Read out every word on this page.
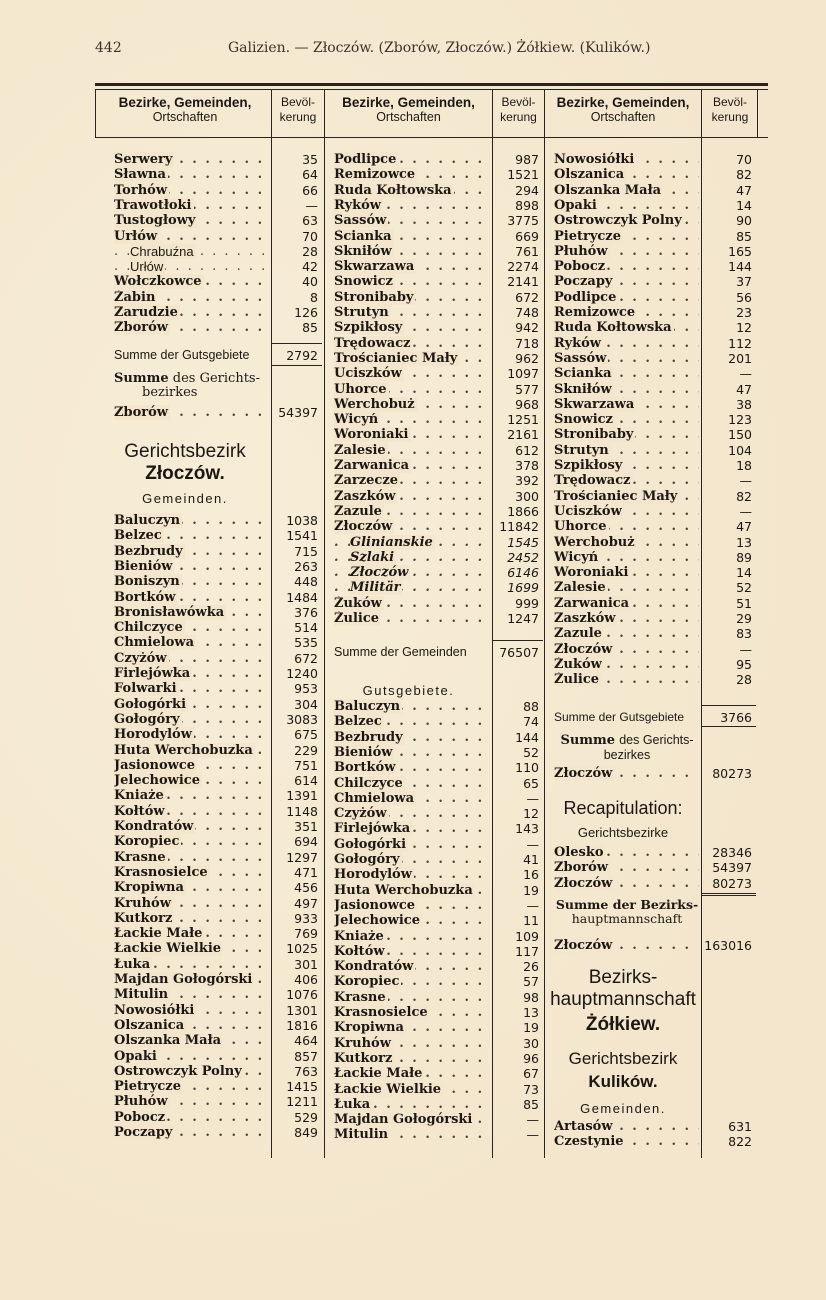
442	Galizien. — Złoczów. (Zborów, Złoczów.) Żółkiew. (Kulików.)
Bezirke, Gemeinden,
Ortschaften
Bevöl-
kerung
Bezirke, Gemeinden,
Ortschaften
Bevöl-
kerung
Bezirke, Gemeinden,
Ortschaften
Bevöl-
kerung
Summe der Gutsgebiete	2792
Summe des Gerichts-
bezirkes
Zborów . . .	54397
Gerichtsbezirk
Złoczów.
Gemeinden.
Summe der Gemeinden	76507
Gutsgebiete.
Summe der Gutsgebiete	3766
Summe des Gerichts-
bezirkes
Złoczów . . .	80273
Recapitulation:
Gerichtsbezirke
Olesko . . .	28346
Zborów . . .	54397
Złoczów . . .	80273
Summe der Bezirks-
hauptmannschaft
Złoczów . . .	163016
Bezirks-
hauptmannschaft
Żółkiew.
Gerichtsbezirk
Kulików.
Gemeinden.
Serwery . . .	35
Sławna . . .	64
Torhów . . .	66
Trawotłoki . . .	—
Tustogłowy . . .	63
Urłów . . .	70
Chrabuźna . . .	28
Urłów . . .	42
Wołczkowce . . .	40
Żabin . . .	8
Zarudzie . . .	126
Zborów . . .	85
Baluczyn . . .	1038
Belzec . . .	1541
Bezbrudy . . .	715
Bieniów . . .	263
Boniszyn . . .	448
Bortków . . .	1484
Bronisławówka . . .	376
Chilczyce . . .	514
Chmielowa . . .	535
Czyżów . . .	672
Firlejówka . . .	1240
Folwarki . . .	953
Gołogórki . . .	304
Gołogóry . . .	3083
Horodylów . . .	675
Huta Werchobuzka . . .	229
Jasionowce . . .	751
Jelechowice . . .	614
Kniaże . . .	1391
Kołtów . . .	1148
Kondratów . . .	351
Koropiec . . .	694
Krasne . . .	1297
Krasnosielce . . .	471
Kropiwna . . .	456
Kruhów . . .	497
Kutkorz . . .	933
Łackie Małe . . .	769
Łackie Wielkie . . .	1025
Łuka . . .	301
Majdan Gołogórski . . .	406
Mitulin . . .	1076
Nowosiółki . . .	1301
Olszanica . . .	1816
Olszanka Mała . . .	464
Opaki . . .	857
Ostrowczyk Polny . . .	763
Pietrycze . . .	1415
Płuhów . . .	1211
Pobocz . . .	529
Poczapy . . .	849
Podlipce . . .	987
Remizowce . . .	1521
Ruda Kołtowska . . .	294
Ryków . . .	898
Sassów . . .	3775
Ścianka . . .	669
Skniłów . . .	761
Skwarzawa . . .	2274
Snowicz . . .	2141
Stronibaby . . .	672
Strutyn . . .	748
Szpikłosy . . .	942
Trędowacz . . .	718
Trościaniec Mały . . .	962
Uciszków . . .	1097
Uhorce . . .	577
Werchobuż . . .	968
Wicyń . . .	1251
Woroniaki . . .	2161
Zalesie . . .	612
Zarwanica . . .	378
Zarzecze . . .	392
Zaszków . . .	300
Zazule . . .	1866
Złoczów . . .	11842
Glinianskie . . .	1545
Szlaki . . .	2452
Złoczów . . .	6146
Militär . . .	1699
Żuków . . .	999
Żulice . . .	1247
Baluczyn . . .	88
Belzec . . .	74
Bezbrudy . . .	144
Bieniów . . .	52
Bortków . . .	110
Chilczyce . . .	65
Chmielowa . . .	—
Czyżów . . .	12
Firlejówka . . .	143
Gołogórki . . .	—
Gołogóry . . .	41
Horodylów . . .	16
Huta Werchobuzka . . .	19
Jasionowce . . .	—
Jelechowice . . .	11
Kniaże . . .	109
Kołtów . . .	117
Kondratów . . .	26
Koropiec . . .	57
Krasne . . .	98
Krasnosielce . . .	13
Kropiwna . . .	19
Kruhów . . .	30
Kutkorz . . .	96
Łackie Małe . . .	67
Łackie Wielkie . . .	73
Łuka . . .	85
Majdan Gołogórski . . .	—
Mitulin . . .	—
Nowosiółki . . .	70
Olszanica . . .	82
Olszanka Mała . . .	47
Opaki . . .	14
Ostrowczyk Polny . . .	90
Pietrycze . . .	85
Płuhów . . .	165
Pobocz . . .	144
Poczapy . . .	37
Podlipce . . .	56
Remizowce . . .	23
Ruda Kołtowska . . .	12
Ryków . . .	112
Sassów . . .	201
Ścianka . . .	—
Skniłów . . .	47
Skwarzawa . . .	38
Snowicz . . .	123
Stronibaby . . .	150
Strutyn . . .	104
Szpikłosy . . .	18
Trędowacz . . .	—
Trościaniec Mały . . .	82
Uciszków . . .	—
Uhorce . . .	47
Werchobuż . . .	13
Wicyń . . .	89
Woroniaki . . .	14
Zalesie . . .	52
Zarwanica . . .	51
Zaszków . . .	29
Zazule . . .	83
Złoczów . . .	—
Żuków . . .	95
Żulice . . .	28
Artasów . . .	631
Czestynie . . .	822
